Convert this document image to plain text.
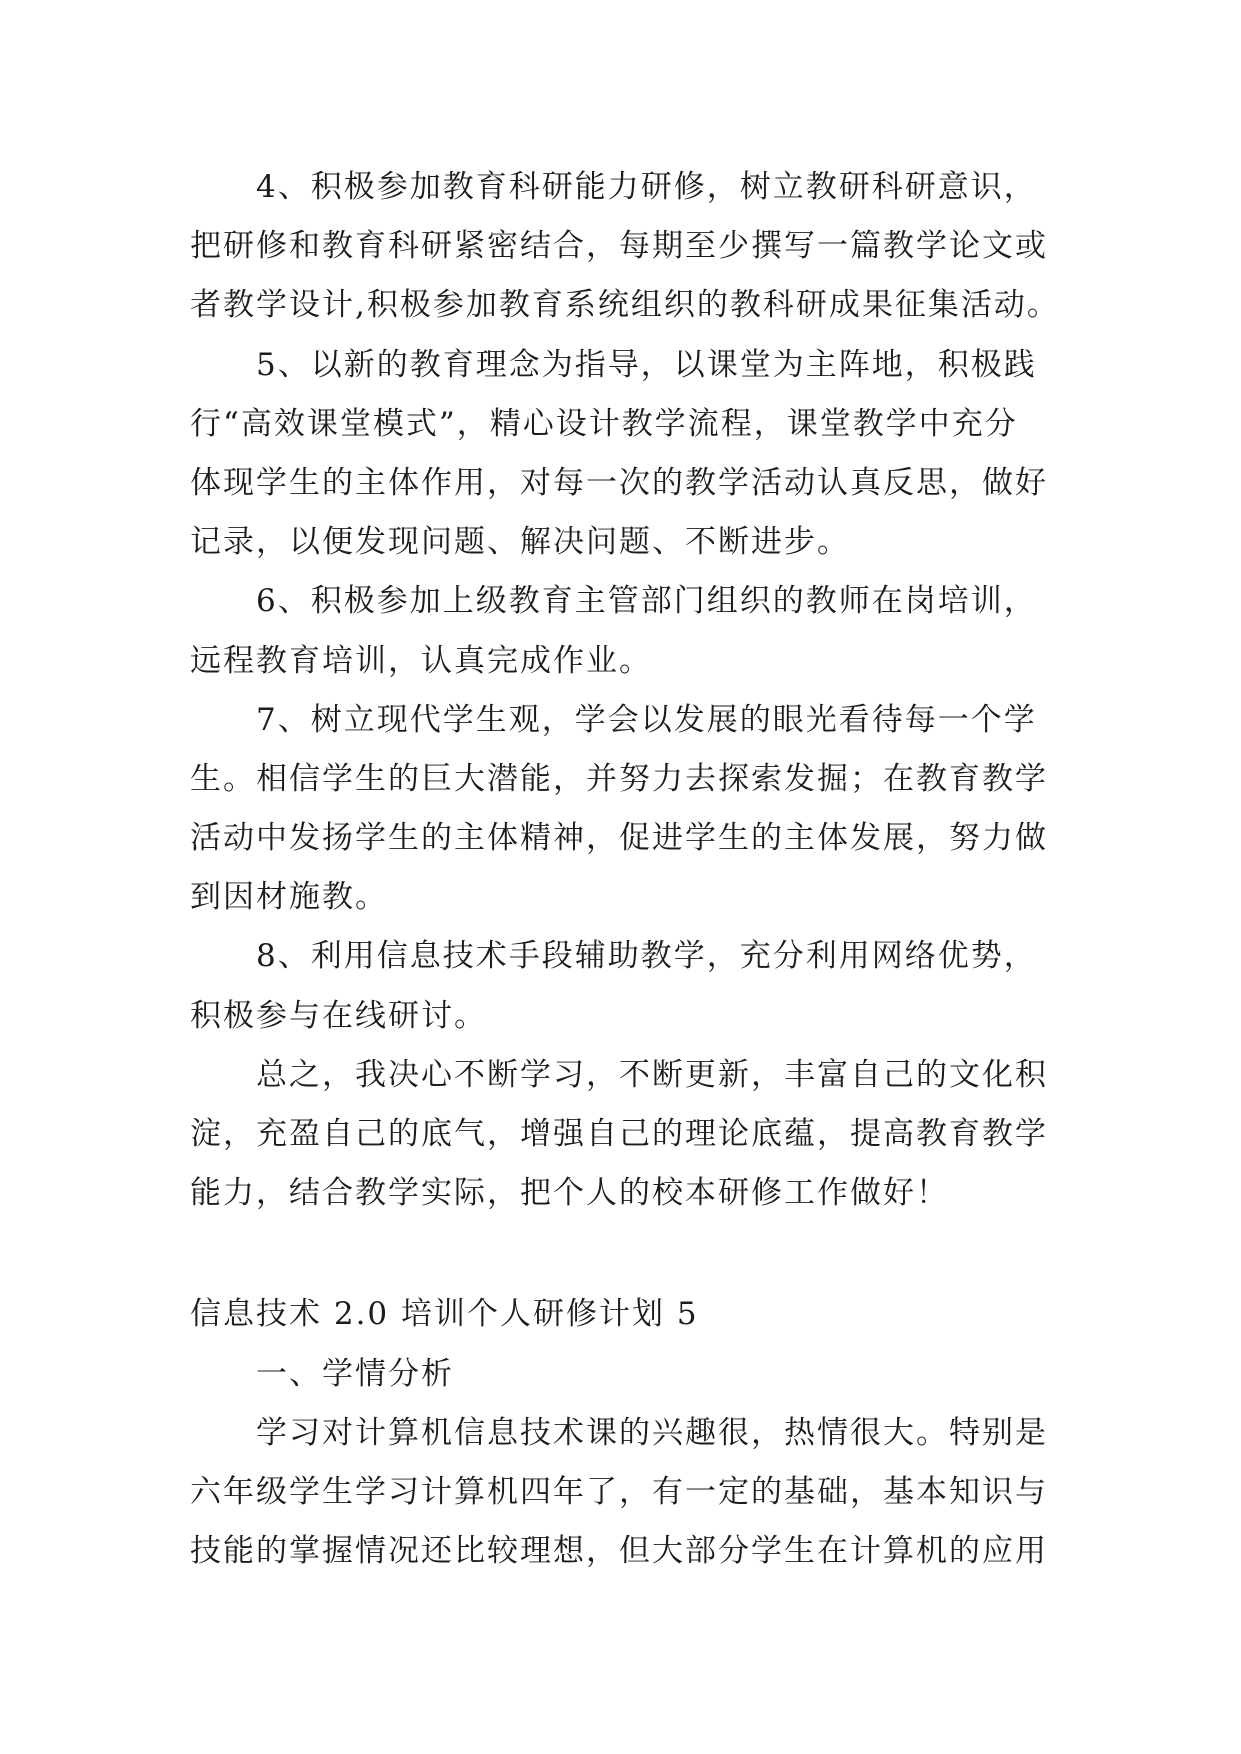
4、积极参加教育科研能力研修，树立教研科研意识，
把研修和教育科研紧密结合，每期至少撰写一篇教学论文或
者教学设计,积极参加教育系统组织的教科研成果征集活动。
5、以新的教育理念为指导，以课堂为主阵地，积极践
行“高效课堂模式”，精心设计教学流程，课堂教学中充分
体现学生的主体作用，对每一次的教学活动认真反思，做好
记录，以便发现问题、解决问题、不断进步。
6、积极参加上级教育主管部门组织的教师在岗培训，
远程教育培训，认真完成作业。
7、树立现代学生观，学会以发展的眼光看待每一个学
生。相信学生的巨大潜能，并努力去探索发掘；在教育教学
活动中发扬学生的主体精神，促进学生的主体发展，努力做
到因材施教。
8、利用信息技术手段辅助教学，充分利用网络优势，
积极参与在线研讨。
总之，我决心不断学习，不断更新，丰富自己的文化积
淀，充盈自己的底气，增强自己的理论底蕴，提高教育教学
能力，结合教学实际，把个人的校本研修工作做好！
信息技术 2.0 培训个人研修计划 5
一、学情分析
学习对计算机信息技术课的兴趣很，热情很大。特别是
六年级学生学习计算机四年了，有一定的基础，基本知识与
技能的掌握情况还比较理想，但大部分学生在计算机的应用
